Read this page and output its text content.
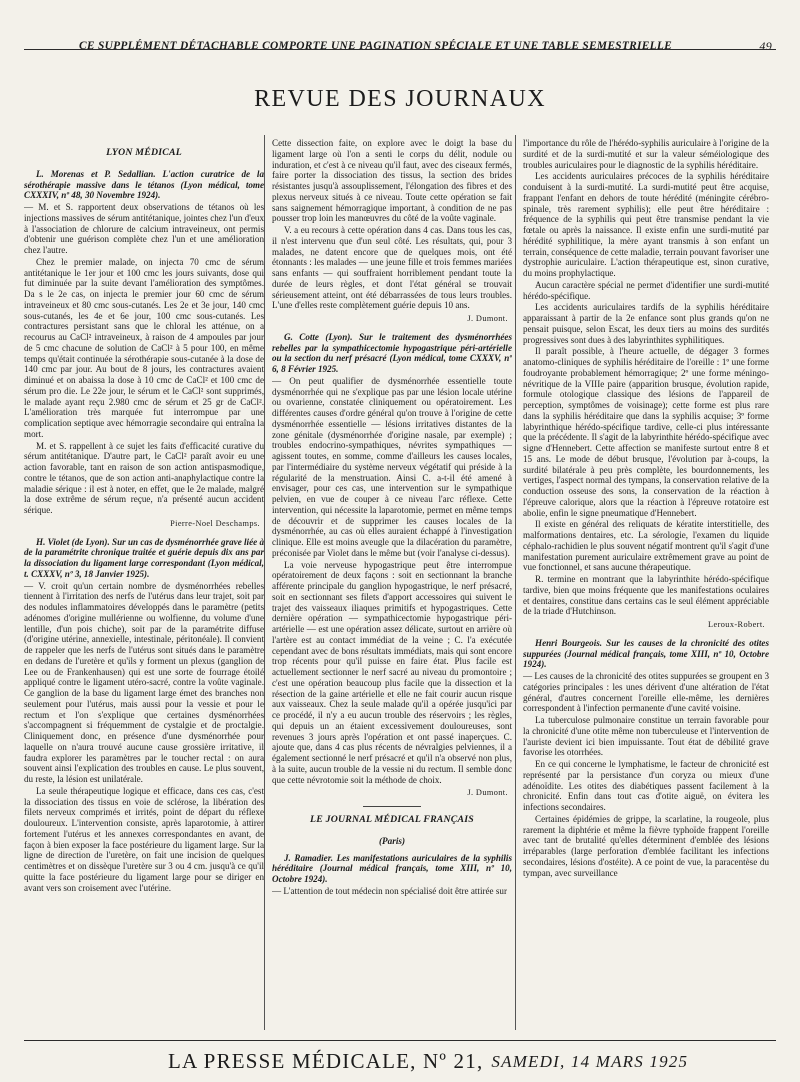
CE SUPPLÉMENT DÉTACHABLE COMPORTE UNE PAGINATION SPÉCIALE ET UNE TABLE SEMESTRIELLE	49
REVUE DES JOURNAUX
LYON MÉDICAL

L. Morenas et P. Sedallian. L'action curatrice de la sérothérapie massive dans le tétanos (Lyon médical, tome CXXXIV, nº 48, 30 Novembre 1924).

— M. et S. rapportent deux observations de tétanos où les injections massives de sérum antitétanique, jointes chez l'un d'eux à l'association de chlorure de calcium intraveineux, ont permis d'obtenir une guérison complète chez l'un et une amélioration chez l'autre.

Chez le premier malade, on injecta 70 cmc de sérum antitétanique le 1er jour et 100 cmc les jours suivants, dose qui fut diminuée par la suite devant l'amélioration des symptômes. Da s le 2e cas, on injecta le premier jour 60 cmc de sérum intraveineux et 80 cmc sous-cutanés. Les 2e et 3e jour, 140 cmc sous-cutanés, les 4e et 6e jour, 100 cmc sous-cutanés. Les contractures persistant sans que le chloral les atténue, on a recourus au CaCl² intraveineux, à raison de 4 ampoules par jour de 5 cmc chacune de solution de CaCl² à 5 pour 100, en même temps qu'était continuée la sérothérapie sous-cutanée à la dose de 140 cmc par jour. Au bout de 8 jours, les contractures avaient diminué et on abaissa la dose à 10 cmc de CaCl² et 100 cmc de sérum pro die. Le 22e jour, le sérum et le CaCl² sont supprimés, le malade ayant reçu 2.980 cmc de sérum et 25 gr de CaCl². L'amélioration très marquée fut interrompue par une complication septique avec hémorragie secondaire qui entraîna la mort.

M. et S. rappellent à ce sujet les faits d'efficacité curative du sérum antitétanique. D'autre part, le CaCl² paraît avoir eu une action favorable, tant en raison de son action antispasmodique, contre le tétanos, que de son action anti-anaphylactique contre la maladie sérique : il est à noter, en effet, que le 2e malade, malgré la dose extrême de sérum reçue, n'a présenté aucun accident sérique.

Pierre-Noel Deschamps.

H. Violet (de Lyon). Sur un cas de dysménorrhée grave liée à de la paramétrite chronique traitée et guérie depuis dix ans par la dissociation du ligament large correspondant (Lyon médical, t. CXXXV, nº 3, 18 Janvier 1925).

— V. croit qu'un certain nombre de dysménorrhées rebelles tiennent à l'irritation des nerfs de l'utérus dans leur trajet, soit par des nodules inflammatoires développés dans le paramètre (petits adénomes d'origine mullérienne ou wolfienne, du volume d'une lentille, d'un pois chiche), soit par de la paramétrite diffuse (d'origine utérine, annexielle, intestinale, péritonéale). Il convient de rappeler que les nerfs de l'utérus sont situés dans le paramètre en dedans de l'uretère et qu'ils y forment un plexus (ganglion de Lee ou de Frankenhausen) qui est une sorte de fourrage étoilé appliqué contre le ligament utéro-sacré, contre la voûte vaginale. Ce ganglion de la base du ligament large émet des branches non seulement pour l'utérus, mais aussi pour la vessie et pour le rectum et l'on s'explique que certaines dysménorrhées s'accompagnent si fréquemment de cystalgie et de proctalgie. Cliniquement donc, en présence d'une dysménorrhée pour laquelle on n'aura trouvé aucune cause grossière irritative, il faudra explorer les paramètres par le toucher rectal : on aura souvent ainsi l'explication des troubles en cause. Le plus souvent, du reste, la lésion est unilatérale.

La seule thérapeutique logique et efficace, dans ces cas, c'est la dissociation des tissus en voie de sclérose, la libération des filets nerveux comprimés et irrités, point de départ du réflexe douloureux. L'intervention consiste, après laparotomie, à attirer fortement l'utérus et les annexes correspondantes en avant, de façon à bien exposer la face postérieure du ligament large. Sur la ligne de direction de l'uretère, on fait une incision de quelques centimètres et on dissèque l'uretère sur 3 ou 4 cm. jusqu'à ce qu'il quitte la face postérieure du ligament large pour se diriger en avant vers son croisement avec l'utérine.

Cette dissection faite, on explore avec le doigt la base du ligament large où l'on a senti le corps du délit, nodule ou induration, et c'est à ce niveau qu'il faut, avec des ciseaux fermés, faire porter la dissociation des tissus, la section des brides résistantes jusqu'à assouplissement, l'élongation des fibres et des plexus nerveux situés à ce niveau. Toute cette opération se fait sans saignement hémorragique important, à condition de ne pas pousser trop loin les manœuvres du côté de la voûte vaginale.

V. a eu recours à cette opération dans 4 cas. Dans tous les cas, il n'est intervenu que d'un seul côté. Les résultats, qui, pour 3 malades, ne datent encore que de quelques mois, ont été étonnants : les malades — une jeune fille et trois femmes mariées sans enfants — qui souffraient horriblement pendant toute la durée de leurs règles, et dont l'état général se trouvait sérieusement atteint, ont été débarrassées de tous leurs troubles. L'une d'elles reste complètement guérie depuis 10 ans.

J. Dumont.

G. Cotte (Lyon). Sur le traitement des dysménorrhées rebelles par la sympathicectomie hypogastrique péri-artérielle ou la section du nerf présacré (Lyon médical, tome CXXXV, nº 6, 8 Février 1925.

— On peut qualifier de dysménorrhée essentielle toute dysménorrhée qui ne s'explique pas par une lésion locale utérine ou ovarienne, constatée cliniquement ou opératoirement. Les différentes causes d'ordre général qu'on trouve à l'origine de cette dysménorrhée essentielle — lésions irritatives distantes de la zone génitale (dysménorrhée d'origine nasale, par exemple) ; troubles endocrino-sympathiques, névrites sympathiques — agissent toutes, en somme, comme d'ailleurs les causes locales, par l'intermédiaire du système nerveux végétatif qui préside à la régularité de la menstruation. Ainsi C. a-t-il été amené à envisager, pour ces cas, une intervention sur le sympathique pelvien, en vue de couper à ce niveau l'arc réflexe. Cette intervention, qui nécessite la laparotomie, permet en même temps de découvrir et de supprimer les causes locales de la dysménorrhée, au cas où elles auraient échappé à l'investigation clinique. Elle est moins aveugle que la dilacération du paramètre, préconisée par Violet dans le même but (voir l'analyse ci-dessus).

La voie nerveuse hypogastrique peut être interrompue opératoirement de deux façons : soit en sectionnant la branche afférente principale du ganglion hypogastrique, le nerf présacré, soit en sectionnant ses filets d'apport accessoires qui suivent le trajet des vaisseaux iliaques primitifs et hypogastriques. Cette dernière opération — sympathicectomie hypogastrique péri-artérielle — est une opération assez délicate, surtout en arrière où l'artère est au contact immédiat de la veine ; C. l'a exécutée cependant avec de bons résultats immédiats, mais qui sont encore trop récents pour qu'il puisse en faire état. Plus facile est actuellement sectionner le nerf sacré au niveau du promontoire ; c'est une opération beaucoup plus facile que la dissection et la résection de la gaine artérielle et elle ne fait courir aucun risque aux vaisseaux. Chez la seule malade qu'il a opérée jusqu'ici par ce procédé, il n'y a eu aucun trouble des réservoirs ; les règles, qui depuis un an étaient excessivement douloureuses, sont revenues 3 jours après l'opération et ont passé inaperçues. C. ajoute que, dans 4 cas plus récents de névralgies pelviennes, il a également sectionné le nerf présacré et qu'il n'a observé non plus, à la suite, aucun trouble de la vessie ni du rectum. Il semble donc que cette névrotomie soit la méthode de choix.

J. Dumont.
LE JOURNAL MÉDICAL FRANÇAIS
(Paris)

J. Ramadier. Les manifestations auriculaires de la syphilis héréditaire (Journal médical français, tome XIII, nº 10, Octobre 1924).

— L'attention de tout médecin non spécialisé doit être attirée sur

l'importance du rôle de l'hérédo-syphilis auriculaire à l'origine de la surdité et de la surdi-mutité et sur la valeur séméiologique des troubles auriculaires pour le diagnostic de la syphilis héréditaire.

Les accidents auriculaires précoces de la syphilis héréditaire conduisent à la surdi-mutité. La surdi-mutité peut être acquise, frappant l'enfant en dehors de toute hérédité (méningite cérébro-spinale, très rarement syphilis); elle peut être héréditaire : fréquence de la syphilis qui peut être transmise pendant la vie fœtale ou après la naissance. Il existe enfin une surdi-mutité par hérédité syphilitique, la mère ayant transmis à son enfant un terrain, conséquence de cette maladie, terrain pouvant favoriser une dystrophie auriculaire. L'action thérapeutique est, sinon curative, du moins prophylactique.

Aucun caractère spécial ne permet d'identifier une surdi-mutité hérédo-spécifique.

Les accidents auriculaires tardifs de la syphilis héréditaire apparaissant à partir de la 2e enfance sont plus grands qu'on ne pensait puisque, selon Escat, les deux tiers au moins des surdités progressives sont dues à des labyrinthites syphilitiques.

Il paraît possible, à l'heure actuelle, de dégager 3 formes anatomo-cliniques de syphilis héréditaire de l'oreille : 1º une forme foudroyante probablement hémorragique; 2º une forme méningo-névritique de la VIIIe paire (apparition brusque, évolution rapide, formule otologique classique des lésions de l'appareil de perception, symptômes de voisinage); cette forme est plus rare dans la syphilis héréditaire que dans la syphilis acquise; 3º forme labyrinthique hérédo-spécifique tardive, celle-ci plus intéressante que la précédente. Il s'agit de la labyrinthite hérédo-spécifique avec signe d'Hennebert. Cette affection se manifeste surtout entre 8 et 15 ans. Le mode de début brusque, l'évolution par à-coups, la surdité bilatérale à peu près complète, les bourdonnements, les vertiges, l'aspect normal des tympans, la conservation relative de la conduction osseuse des sons, la conservation de la réaction à l'épreuve calorique, alors que la réaction à l'épreuve rotatoire est abolie, enfin le signe pneumatique d'Hennebert.

Il existe en général des reliquats de kératite interstitielle, des malformations dentaires, etc. La sérologie, l'examen du liquide céphalo-rachidien le plus souvent négatif montrent qu'il s'agit d'une manifestation purement auriculaire extrêmement grave au point de vue fonctionnel, et sans aucune thérapeutique.

R. termine en montrant que la labyrinthite hérédo-spécifique tardive, bien que moins fréquente que les manifestations oculaires et dentaires, constitue dans certains cas le seul élément appréciable de la triade d'Hutchinson.

Leroux-Robert.

Henri Bourgeois. Sur les causes de la chronicité des otites suppurées (Journal médical français, tome XIII, nº 10, Octobre 1924).

— Les causes de la chronicité des otites suppurées se groupent en 3 catégories principales : les unes dérivent d'une altération de l'état général, d'autres concernent l'oreille elle-même, les dernières correspondent à l'infection permanente d'une cavité voisine.

La tuberculose pulmonaire constitue un terrain favorable pour la chronicité d'une otite même non tuberculeuse et l'intervention de l'auriste devient ici bien impuissante. Tout état de débilité grave favorise les otorrhées.

En ce qui concerne le lymphatisme, le facteur de chronicité est représenté par la persistance d'un coryza ou mieux d'une adénoïdite. Les otites des diabétiques passent facilement à la chronicité. Enfin dans tout cas d'otite aiguë, on évitera les infections secondaires.

Certaines épidémies de grippe, la scarlatine, la rougeole, plus rarement la diphtérie et même la fièvre typhoïde frappent l'oreille avec tant de brutalité qu'elles déterminent d'emblée des lésions irréparables (large perforation d'emblée facilitant les infections secondaires, lésions d'ostéite). A ce point de vue, la paracentèse du tympan, avec surveillance

LA PRESSE MÉDICALE, Nº 21, SAMEDI, 14 MARS 1925
